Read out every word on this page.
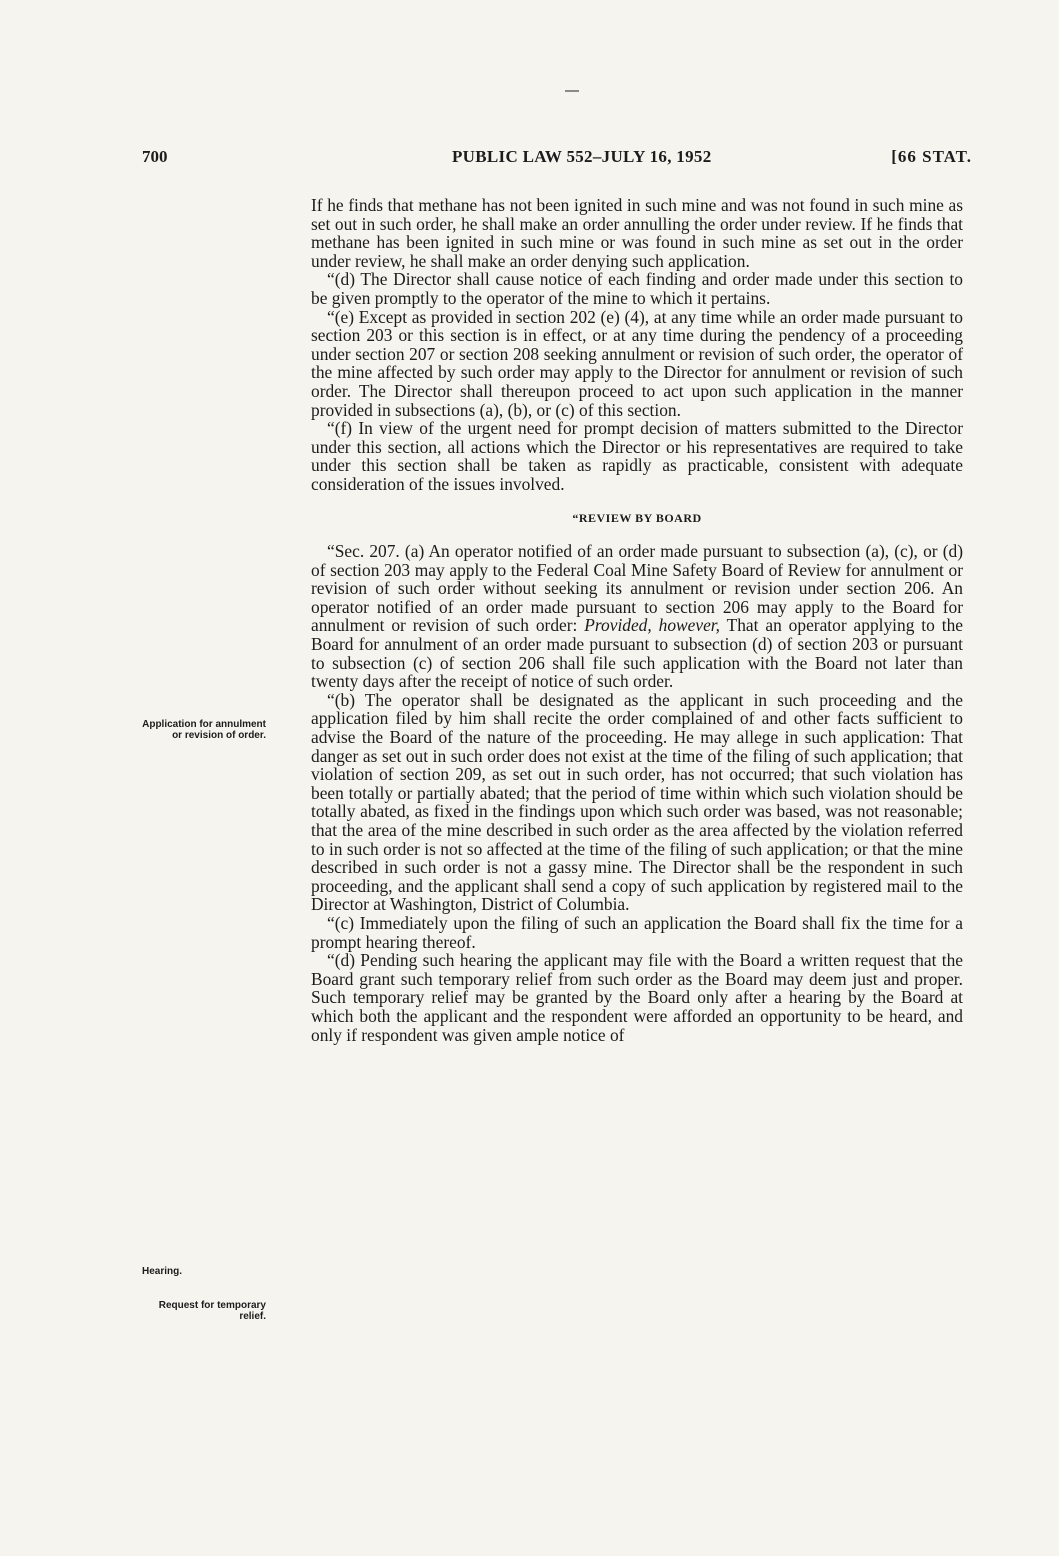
700	PUBLIC LAW 552–JULY 16, 1952	[66 STAT.
Application for annulment or revision of order.
Hearing.
Request for temporary relief.

If he finds that methane has not been ignited in such mine and was not found in such mine as set out in such order, he shall make an order annulling the order under review. If he finds that methane has been ignited in such mine or was found in such mine as set out in the order under review, he shall make an order denying such application.

“(d) The Director shall cause notice of each finding and order made under this section to be given promptly to the operator of the mine to which it pertains.

“(e) Except as provided in section 202 (e) (4), at any time while an order made pursuant to section 203 or this section is in effect, or at any time during the pendency of a proceeding under section 207 or section 208 seeking annulment or revision of such order, the operator of the mine affected by such order may apply to the Director for annulment or revision of such order. The Director shall thereupon proceed to act upon such application in the manner provided in subsections (a), (b), or (c) of this section.

“(f) In view of the urgent need for prompt decision of matters submitted to the Director under this section, all actions which the Director or his representatives are required to take under this section shall be taken as rapidly as practicable, consistent with adequate consideration of the issues involved.

“REVIEW BY BOARD

“Sec. 207. (a) An operator notified of an order made pursuant to subsection (a), (c), or (d) of section 203 may apply to the Federal Coal Mine Safety Board of Review for annulment or revision of such order without seeking its annulment or revision under section 206. An operator notified of an order made pursuant to section 206 may apply to the Board for annulment or revision of such order: Provided, however, That an operator applying to the Board for annulment of an order made pursuant to subsection (d) of section 203 or pursuant to subsection (c) of section 206 shall file such application with the Board not later than twenty days after the receipt of notice of such order.

“(b) The operator shall be designated as the applicant in such proceeding and the application filed by him shall recite the order complained of and other facts sufficient to advise the Board of the nature of the proceeding. He may allege in such application: That danger as set out in such order does not exist at the time of the filing of such application; that violation of section 209, as set out in such order, has not occurred; that such violation has been totally or partially abated; that the period of time within which such violation should be totally abated, as fixed in the findings upon which such order was based, was not reasonable; that the area of the mine described in such order as the area affected by the violation referred to in such order is not so affected at the time of the filing of such application; or that the mine described in such order is not a gassy mine. The Director shall be the respondent in such proceeding, and the applicant shall send a copy of such application by registered mail to the Director at Washington, District of Columbia.

“(c) Immediately upon the filing of such an application the Board shall fix the time for a prompt hearing thereof.

“(d) Pending such hearing the applicant may file with the Board a written request that the Board grant such temporary relief from such order as the Board may deem just and proper. Such temporary relief may be granted by the Board only after a hearing by the Board at which both the applicant and the respondent were afforded an opportunity to be heard, and only if respondent was given ample notice of
